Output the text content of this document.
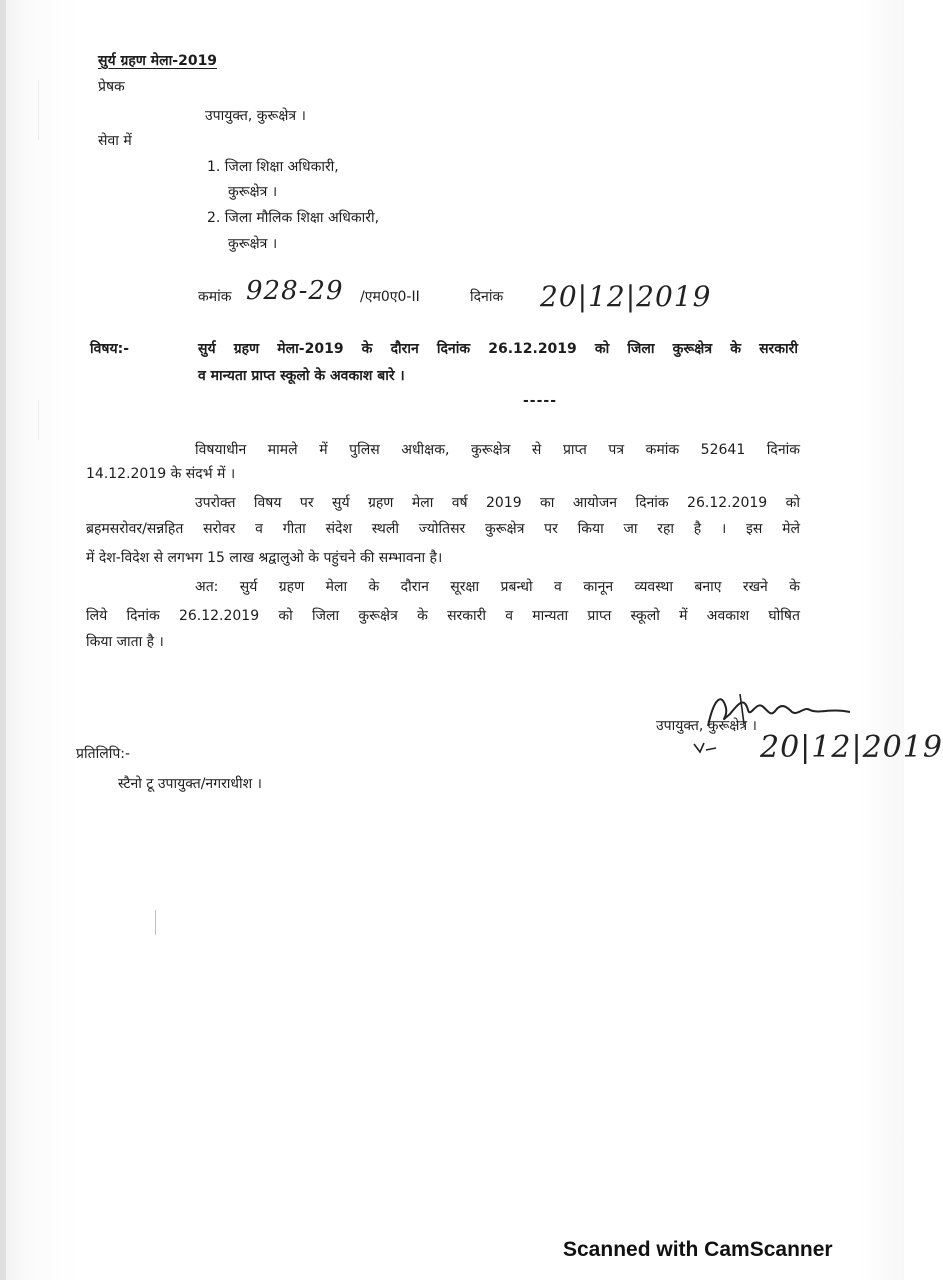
सुर्य ग्रहण मेला-2019
प्रेषक
उपायुक्त, कुरूक्षेत्र ।
सेवा में
1. जिला शिक्षा अधिकारी,
कुरूक्षेत्र ।
2. जिला मौलिक शिक्षा अधिकारी,
कुरूक्षेत्र ।
कमांक 928-29 /एम0ए0-II	दिनांक 20|12|2019
विषय:-	सुर्य ग्रहण मेला-2019 के दौरान दिनांक 26.12.2019 को जिला कुरूक्षेत्र के सरकारी
व मान्यता प्राप्त स्कूलो के अवकाश बारे ।
-----
विषयाधीन मामले में पुलिस अधीक्षक, कुरूक्षेत्र से प्राप्त पत्र कमांक 52641 दिनांक
14.12.2019 के संदर्भ में ।
उपरोक्त विषय पर सुर्य ग्रहण मेला वर्ष 2019 का आयोजन दिनांक 26.12.2019 को
ब्रहमसरोवर/सन्नहित सरोवर व गीता संदेश स्थली ज्योतिसर कुरूक्षेत्र पर किया जा रहा है । इस मेले
में देश-विदेश से लगभग 15 लाख श्रद्वालुओ के पहुंचने की सम्भावना है।
अत: सुर्य ग्रहण मेला के दौरान सूरक्षा प्रबन्धो व कानून व्यवस्था बनाए रखने के
लिये दिनांक 26.12.2019 को जिला कुरूक्षेत्र के सरकारी व मान्यता प्राप्त स्कूलो में अवकाश घोषित
किया जाता है ।
उपायुक्त, कुरूक्षेत्र ।
20|12|2019
प्रतिलिपि:-
स्टैनो टू उपायुक्त/नगराधीश ।
Scanned with CamScanner
